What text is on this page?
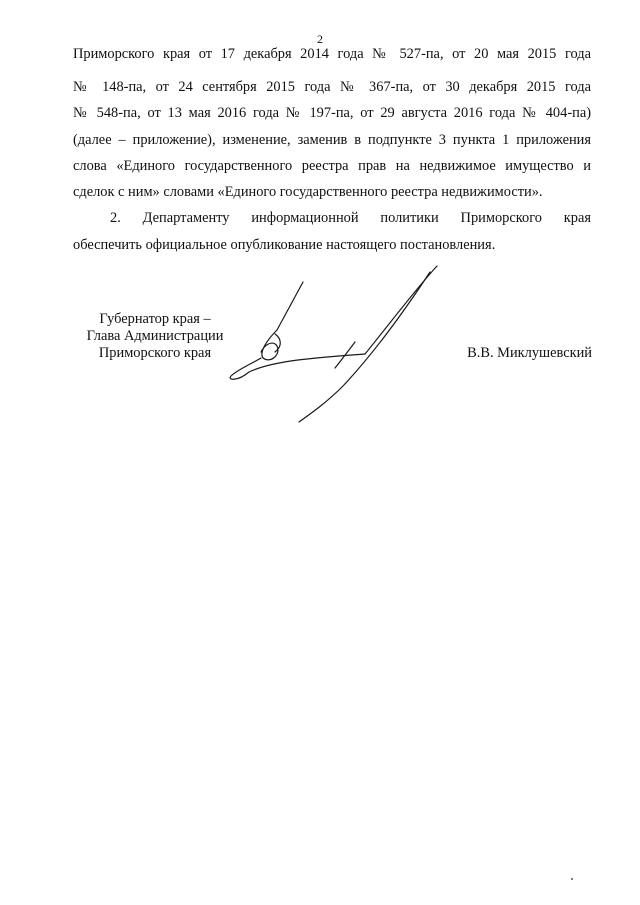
2
Приморского края от 17 декабря 2014 года № 527-па, от 20 мая 2015 года
№ 148-па, от 24 сентября 2015 года № 367-па, от 30 декабря 2015 года
№ 548-па, от 13 мая 2016 года № 197-па, от 29 августа 2016 года № 404-па)
(далее – приложение), изменение, заменив в подпункте 3 пункта 1 приложения
слова «Единого государственного реестра прав на недвижимое имущество и
сделок с ним» словами «Единого государственного реестра недвижимости».
2. Департаменту информационной политики Приморского края
обеспечить официальное опубликование настоящего постановления.
Губернатор края –
Глава Администрации
Приморского края	В.В. Миклушевский
